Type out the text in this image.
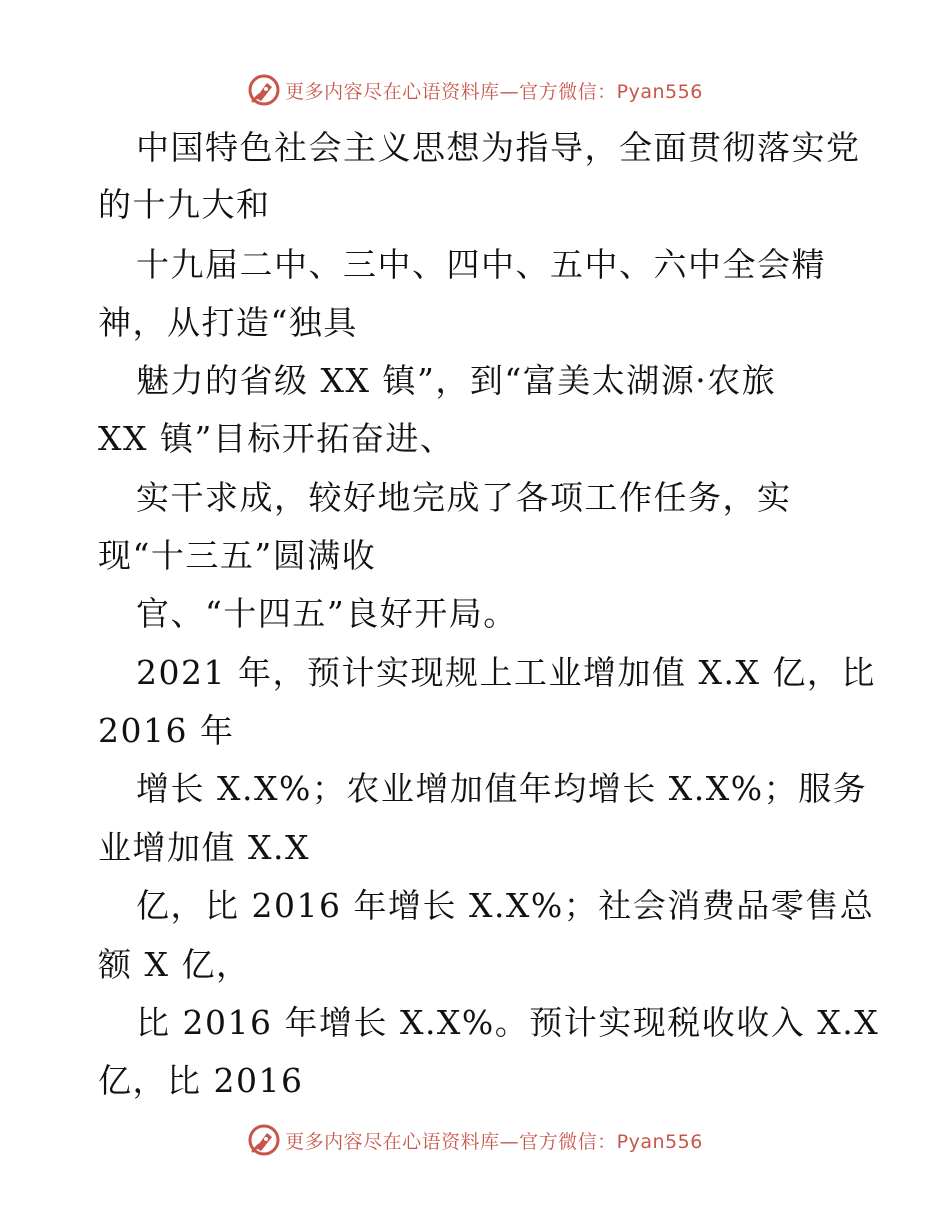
更多内容尽在心语资料库—官方微信：Pyan556
中国特色社会主义思想为指导，全面贯彻落实党
的十九大和
十九届二中、三中、四中、五中、六中全会精
神，从打造“独具
魅力的省级 XX 镇”，到“富美太湖源·农旅
XX 镇”目标开拓奋进、
实干求成，较好地完成了各项工作任务，实
现“十三五”圆满收
官、“十四五”良好开局。
2021 年，预计实现规上工业增加值 X.X 亿，比
2016 年
增长 X.X%；农业增加值年均增长 X.X%；服务
业增加值 X.X
亿，比 2016 年增长 X.X%；社会消费品零售总
额 X 亿，
比 2016 年增长 X.X%。预计实现税收收入 X.X
亿，比 2016
更多内容尽在心语资料库—官方微信：Pyan556
